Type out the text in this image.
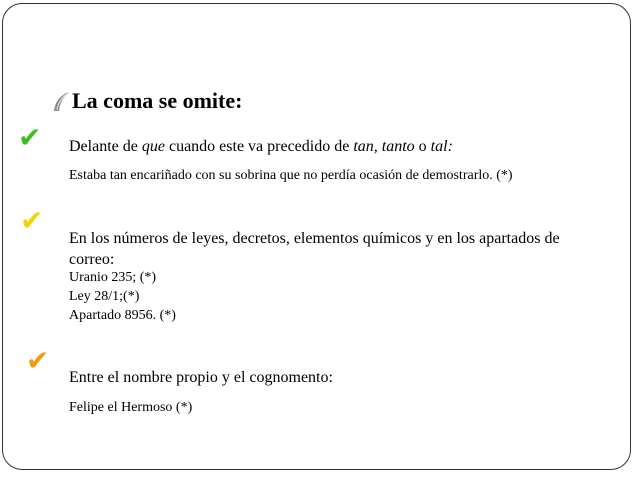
La coma se omite:
✔ Delante de que cuando este va precedido de tan, tanto o tal:
Estaba tan encariñado con su sobrina que no perdía ocasión de demostrarlo. (*)
✔
En los números de leyes, decretos, elementos químicos y en los apartados de
correo:
Uranio 235; (*)
Ley 28/1;(*)
Apartado 8956. (*)
✔
Entre el nombre propio y el cognomento:
Felipe el Hermoso (*)
